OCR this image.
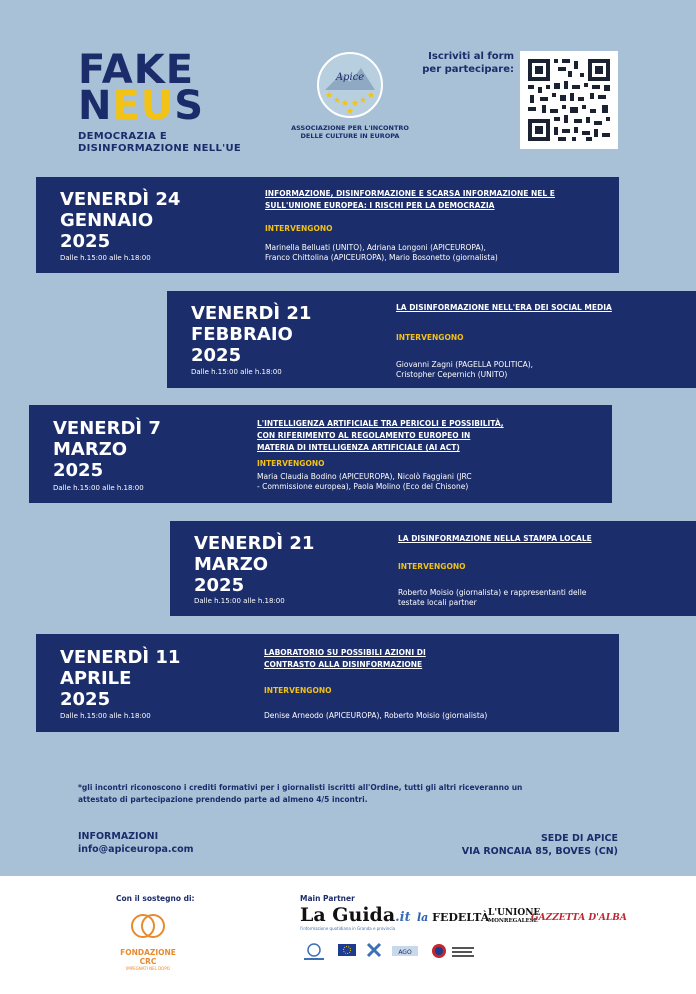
FAKE
NEUS
DEMOCRAZIA E
DISINFORMAZIONE NELL'UE
Apice
★ ★ ★ ★ ★ ★
★
ASSOCIAZIONE PER L'INCONTRO
DELLE CULTURE IN EUROPA
Iscriviti al form
per partecipare:
VENERDÌ 24
GENNAIO
2025
Dalle h.15:00 alle h.18:00
INFORMAZIONE, DISINFORMAZIONE E SCARSA INFORMAZIONE NEL E
SULL'UNIONE EUROPEA: I RISCHI PER LA DEMOCRAZIA
INTERVENGONO
Marinella Belluati (UNITO), Adriana Longoni (APICEUROPA),
Franco Chittolina (APICEUROPA), Mario Bosonetto (giornalista)
VENERDÌ 21
FEBBRAIO
2025
Dalle h.15:00 alle h.18:00
LA DISINFORMAZIONE NELL'ERA DEI SOCIAL MEDIA
INTERVENGONO
Giovanni Zagni (PAGELLA POLITICA),
Cristopher Cepernich (UNITO)
VENERDÌ 7
MARZO
2025
Dalle h.15:00 alle h.18:00
L'INTELLIGENZA ARTIFICIALE TRA PERICOLI E POSSIBILITÀ,
CON RIFERIMENTO AL REGOLAMENTO EUROPEO IN
MATERIA DI INTELLIGENZA ARTIFICIALE (AI ACT)
INTERVENGONO
Maria Claudia Bodino (APICEUROPA), Nicolò Faggiani (JRC
- Commissione europea), Paola Molino (Eco del Chisone)
VENERDÌ 21
MARZO
2025
Dalle h.15:00 alle h.18:00
LA DISINFORMAZIONE NELLA STAMPA LOCALE
INTERVENGONO
Roberto Moisio (giornalista) e rappresentanti delle
testate locali partner
VENERDÌ 11
APRILE
2025
Dalle h.15:00 alle h.18:00
LABORATORIO SU POSSIBILI AZIONI DI
CONTRASTO ALLA DISINFORMAZIONE
INTERVENGONO
Denise Arneodo (APICEUROPA), Roberto Moisio (giornalista)
*gli incontri riconoscono i crediti formativi per i giornalisti iscritti all'Ordine, tutti gli altri riceveranno un attestato di partecipazione prendendo parte ad almeno 4/5 incontri.
INFORMAZIONI
info@apiceuropa.com
SEDE DI APICE
VIA RONCAIA 85, BOVES (CN)
Con il sostegno di:
FONDAZIONE CRC
IMPEGNATI NEL DOPO
Main Partner
La Guida.it
l'informazione quotidiana in Granda e provincia
la FEDELTÀ
L'UNIONE
MONREGALESE
GAZZETTA D'ALBA
AGO
